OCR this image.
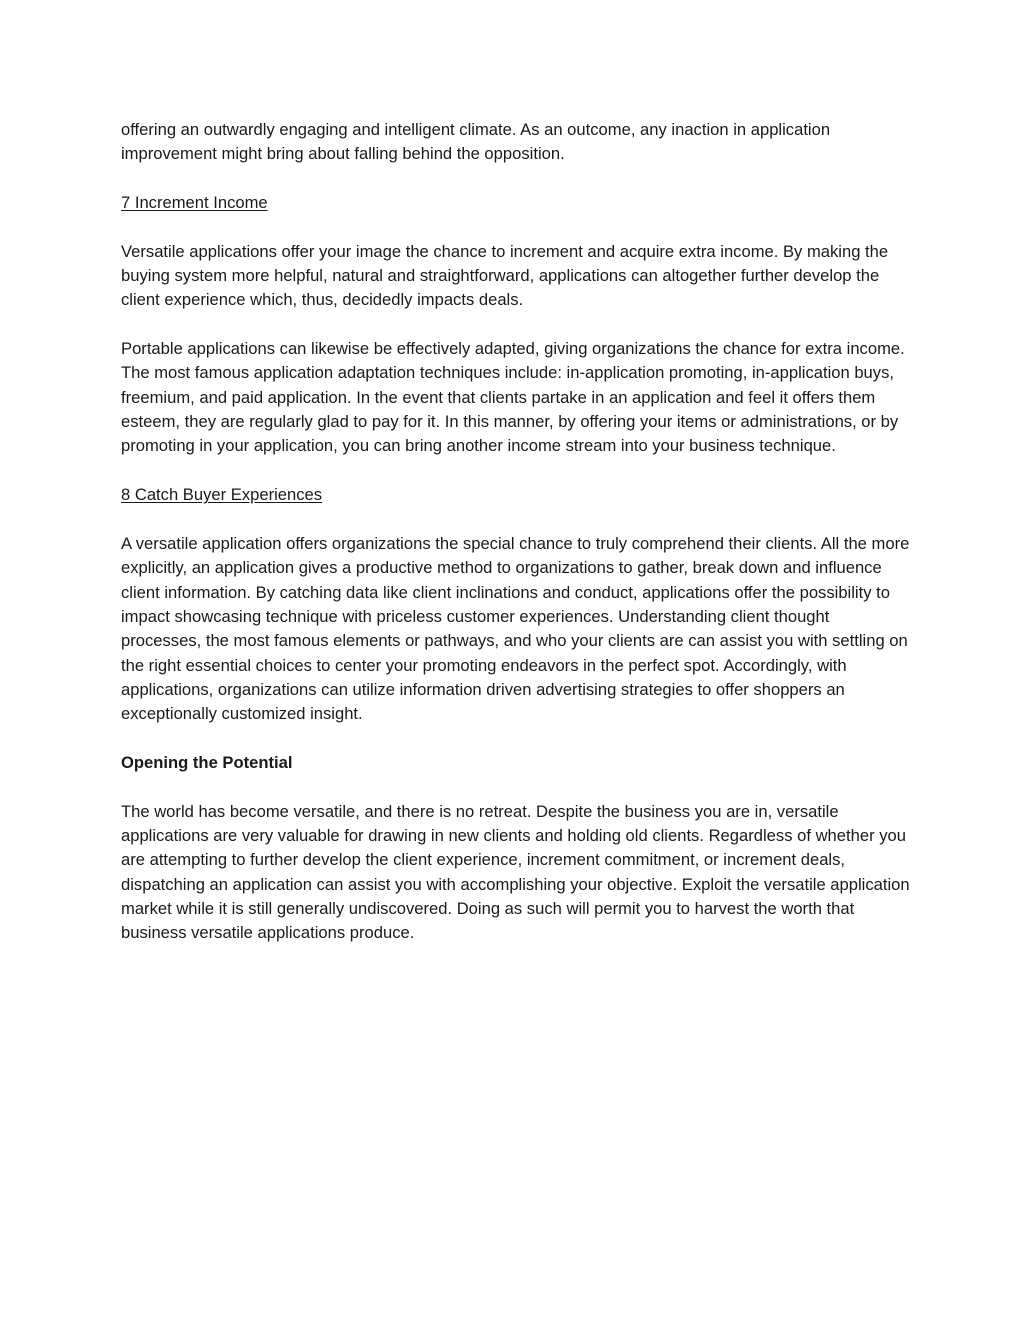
offering an outwardly engaging and intelligent climate. As an outcome, any inaction in application improvement might bring about falling behind the opposition.

7 Increment Income

Versatile applications offer your image the chance to increment and acquire extra income. By making the buying system more helpful, natural and straightforward, applications can altogether further develop the client experience which, thus, decidedly impacts deals.

Portable applications can likewise be effectively adapted, giving organizations the chance for extra income. The most famous application adaptation techniques include: in-application promoting, in-application buys, freemium, and paid application. In the event that clients partake in an application and feel it offers them esteem, they are regularly glad to pay for it. In this manner, by offering your items or administrations, or by promoting in your application, you can bring another income stream into your business technique.

8 Catch Buyer Experiences

A versatile application offers organizations the special chance to truly comprehend their clients. All the more explicitly, an application gives a productive method to organizations to gather, break down and influence client information. By catching data like client inclinations and conduct, applications offer the possibility to impact showcasing technique with priceless customer experiences. Understanding client thought processes, the most famous elements or pathways, and who your clients are can assist you with settling on the right essential choices to center your promoting endeavors in the perfect spot. Accordingly, with applications, organizations can utilize information driven advertising strategies to offer shoppers an exceptionally customized insight.

Opening the Potential

The world has become versatile, and there is no retreat. Despite the business you are in, versatile applications are very valuable for drawing in new clients and holding old clients. Regardless of whether you are attempting to further develop the client experience, increment commitment, or increment deals, dispatching an application can assist you with accomplishing your objective. Exploit the versatile application market while it is still generally undiscovered. Doing as such will permit you to harvest the worth that business versatile applications produce.
